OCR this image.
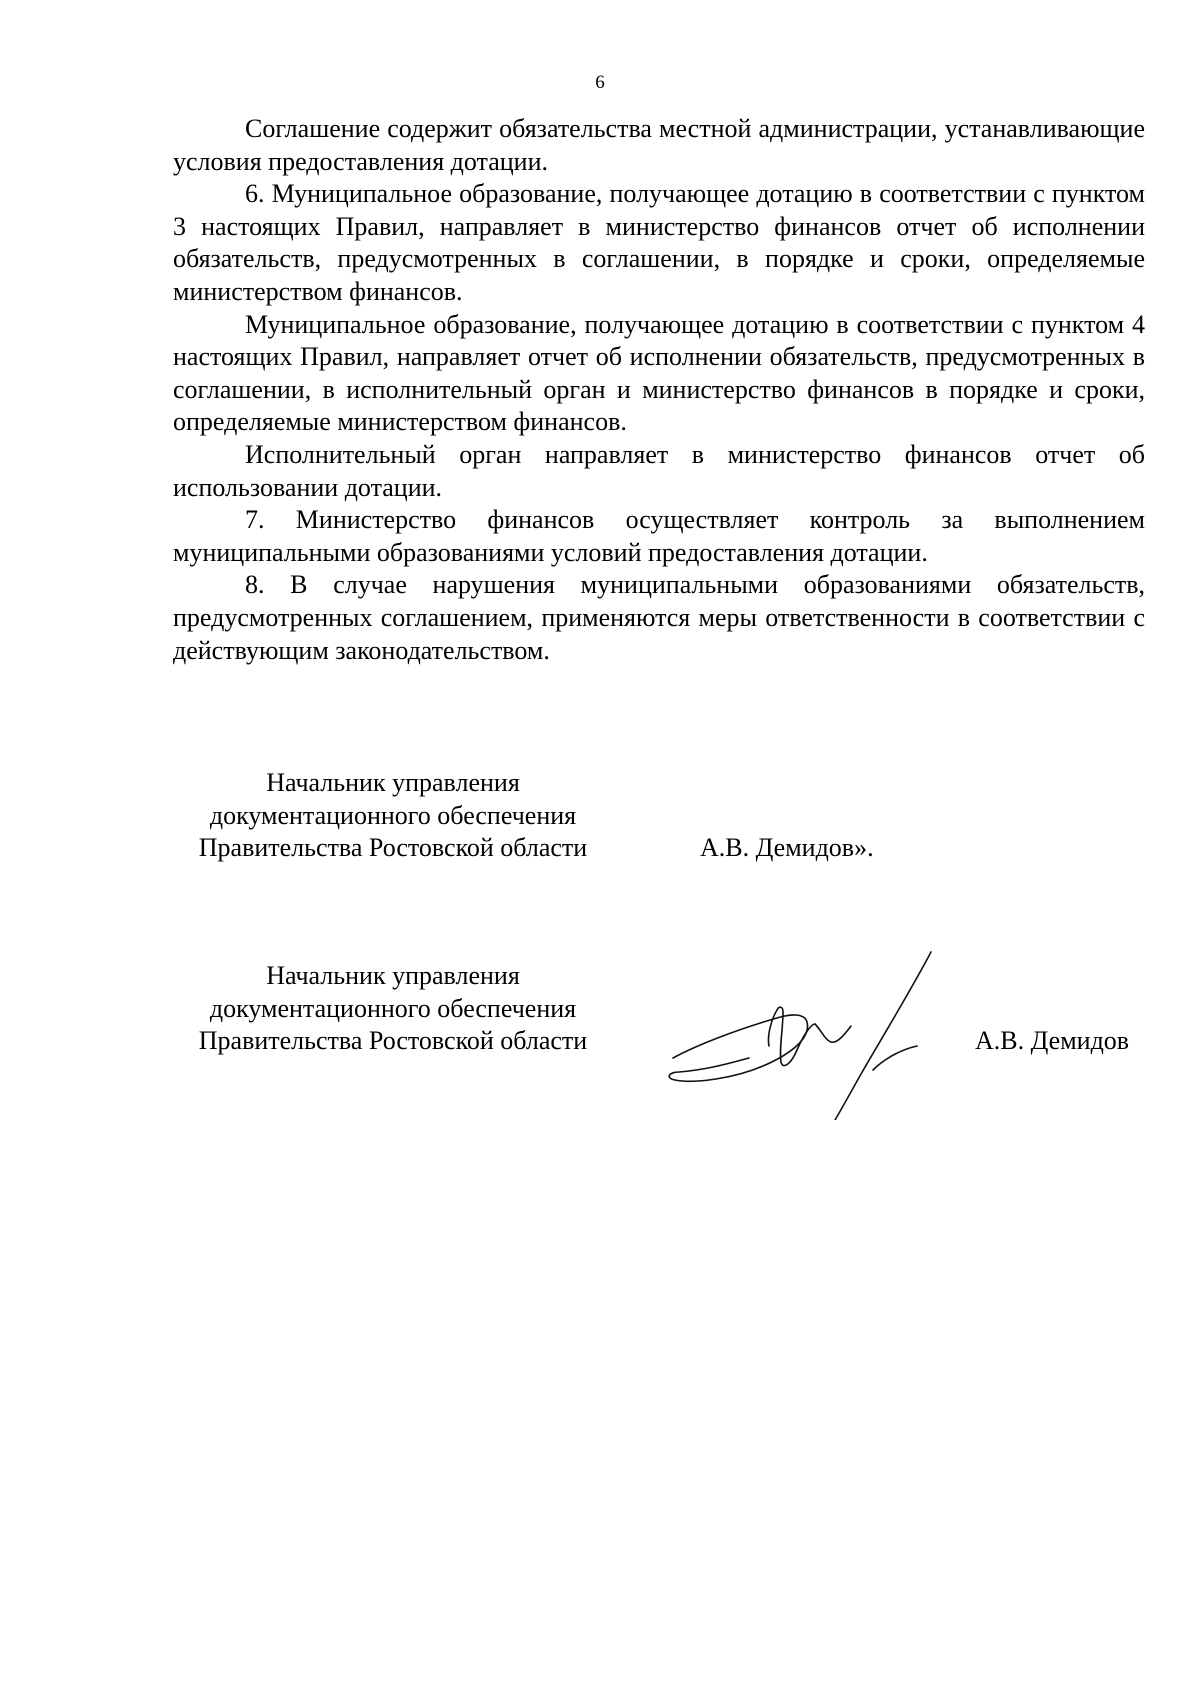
6

Соглашение содержит обязательства местной администрации, устанавливающие условия предоставления дотации.

6. Муниципальное образование, получающее дотацию в соответствии с пунктом 3 настоящих Правил, направляет в министерство финансов отчет об исполнении обязательств, предусмотренных в соглашении, в порядке и сроки, определяемые министерством финансов.

Муниципальное образование, получающее дотацию в соответствии с пунктом 4 настоящих Правил, направляет отчет об исполнении обязательств, предусмотренных в соглашении, в исполнительный орган и министерство финансов в порядке и сроки, определяемые министерством финансов.

Исполнительный орган направляет в министерство финансов отчет об использовании дотации.

7. Министерство финансов осуществляет контроль за выполнением муниципальными образованиями условий предоставления дотации.

8. В случае нарушения муниципальными образованиями обязательств, предусмотренных соглашением, применяются меры ответственности в соответствии с действующим законодательством.

Начальник управления
документационного обеспечения
Правительства Ростовской области	А.В. Демидов».
Начальник управления
документационного обеспечения
Правительства Ростовской области	А.В. Демидов
